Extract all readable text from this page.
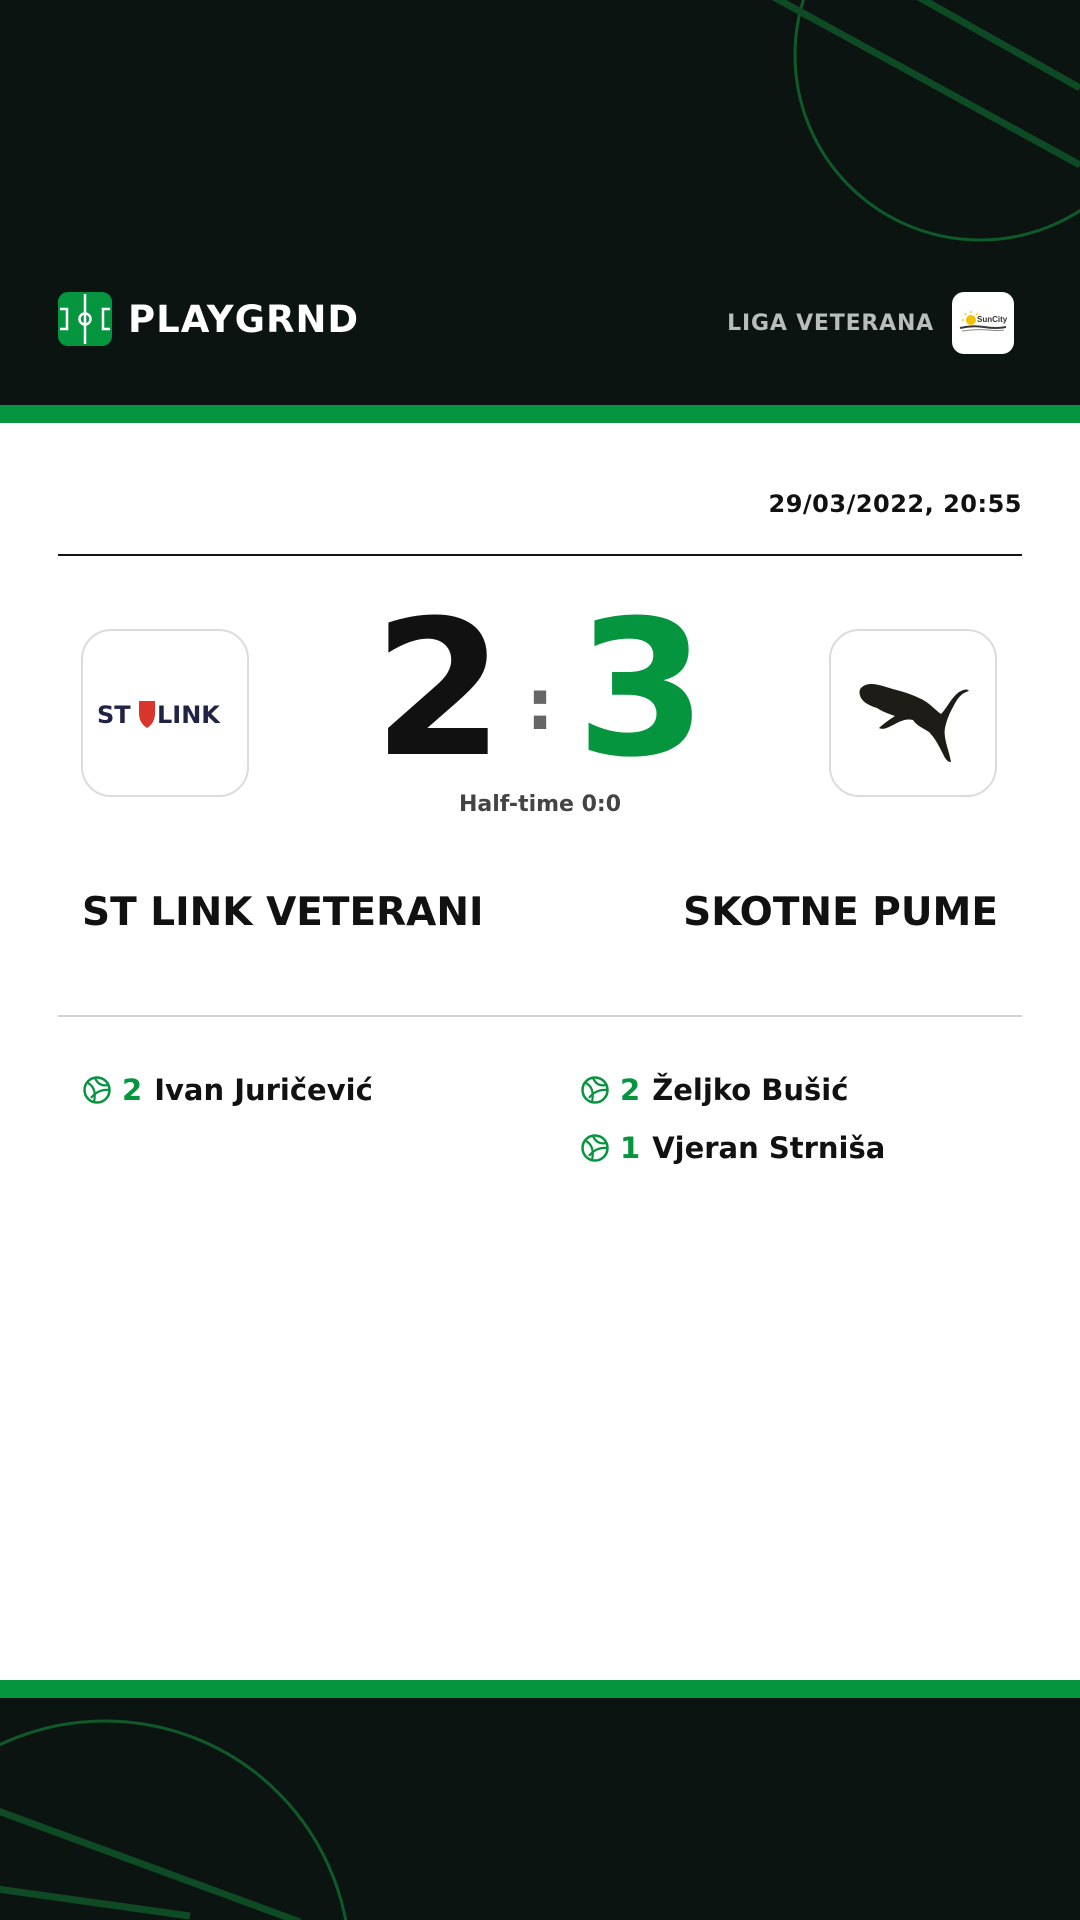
PLAYGRND	LIGA VETERANA	SunCity
29/03/2022, 20:55
ST LINK 2 : 3
Half-time 0:0
ST LINK VETERANI	SKOTNE PUME
2 Ivan Juričević	2 Željko Bušić
1 Vjeran Strniša
